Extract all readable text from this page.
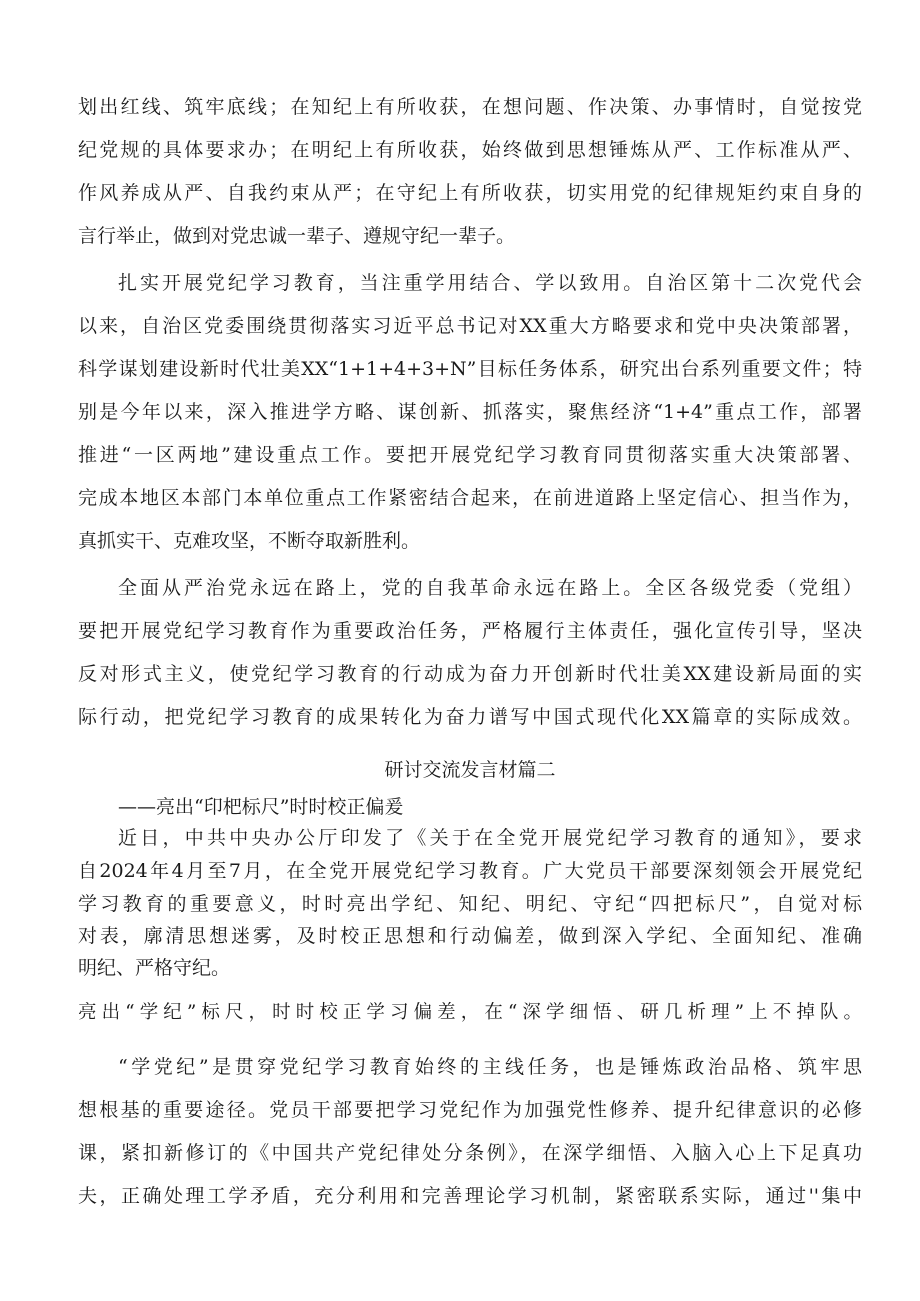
划出红线、筑牢底线；在知纪上有所收获，在想问题、作决策、办事情时，自觉按党
纪党规的具体要求办；在明纪上有所收获，始终做到思想锤炼从严、工作标准从严、
作风养成从严、自我约束从严；在守纪上有所收获，切实用党的纪律规矩约束自身的
言行举止，做到对党忠诚一辈子、遵规守纪一辈子。
扎实开展党纪学习教育，当注重学用结合、学以致用。自治区第十二次党代会
以来，自治区党委围绕贯彻落实习近平总书记对XX重大方略要求和党中央决策部署，
科学谋划建设新时代壮美XX“1+1+4+3+N”目标任务体系，研究出台系列重要文件；特
别是今年以来，深入推进学方略、谋创新、抓落实，聚焦经济“1+4”重点工作，部署
推进“一区两地”建设重点工作。要把开展党纪学习教育同贯彻落实重大决策部署、
完成本地区本部门本单位重点工作紧密结合起来，在前进道路上坚定信心、担当作为，
真抓实干、克难攻坚，不断夺取新胜利。
全面从严治党永远在路上，党的自我革命永远在路上。全区各级党委（党组）
要把开展党纪学习教育作为重要政治任务，严格履行主体责任，强化宣传引导，坚决
反对形式主义，使党纪学习教育的行动成为奋力开创新时代壮美XX建设新局面的实
际行动，把党纪学习教育的成果转化为奋力谱写中国式现代化XX篇章的实际成效。
研讨交流发言材篇二
——亮出“印杷标尺”时时校正偏爰
近日，中共中央办公厅印发了《关于在全党开展党纪学习教育的通知》，要求
自2024年4月至7月，在全党开展党纪学习教育。广大党员干部要深刻领会开展党纪
学习教育的重要意义，时时亮出学纪、知纪、明纪、守纪“四把标尺”，自觉对标
对表，廓清思想迷雾，及时校正思想和行动偏差，做到深入学纪、全面知纪、准确
明纪、严格守纪。
亮出“学纪”标尺，时时校正学习偏差，在“深学细悟、研几析理”上不掉队。
“学党纪”是贯穿党纪学习教育始终的主线任务，也是锤炼政治品格、筑牢思
想根基的重要途径。党员干部要把学习党纪作为加强党性修养、提升纪律意识的必修
课，紧扣新修订的《中国共产党纪律处分条例》，在深学细悟、入脑入心上下足真功
夫，正确处理工学矛盾，充分利用和完善理论学习机制，紧密联系实际，通过''集中
